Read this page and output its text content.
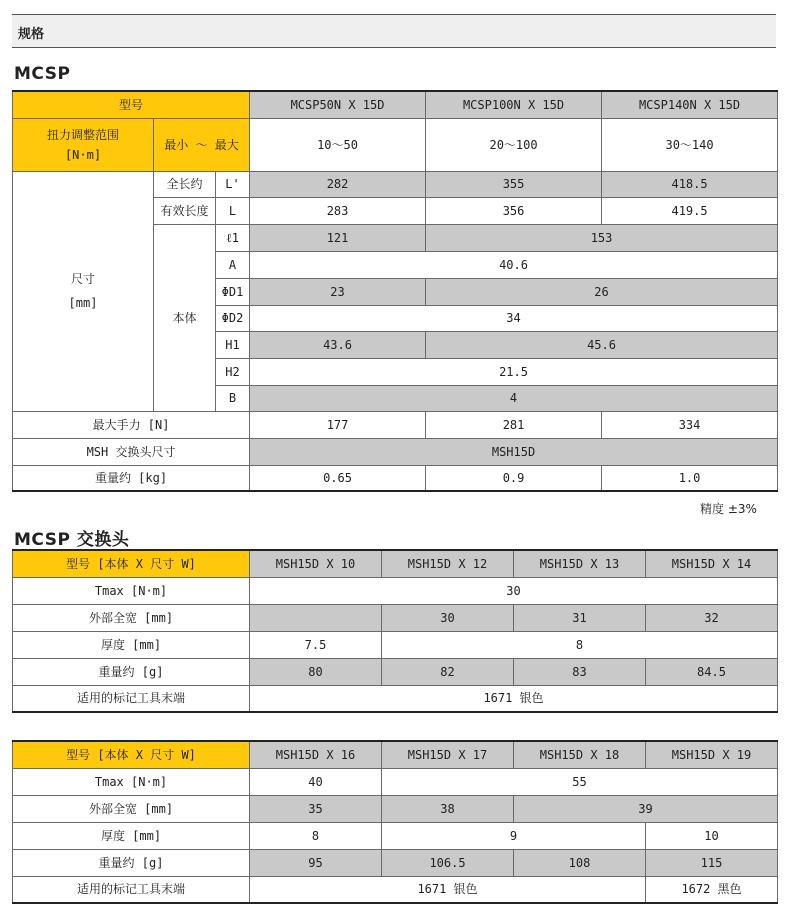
规格
MCSP
型号			MCSP50N X 15D	MCSP100N X 15D	MCSP140N X 15D

扭力调整范围
[N·m]	最小 ～ 最大		10～50	20～100	30～140

尺寸
[mm]	全长约	L'	282	355	418.5
	有效长度	L	283	356	419.5
	本体	ℓ1	121	153	
		A	40.6		
		ΦD1	23	26	
		ΦD2	34		
		H1	43.6	45.6	
		H2	21.5		
		B	4		
最大手力 [N]			177	281	334
MSH 交换头尺寸			MSH15D		
重量约 [kg]			0.65	0.9	1.0
精度 ±3%
MCSP 交换头
型号 [本体 X 尺寸 W]	MSH15D X 10	MSH15D X 12	MSH15D X 13	MSH15D X 14
Tmax [N·m]	30			
外部全宽 [mm]		30	31	32
厚度 [mm]	7.5	8		
重量约 [g]	80	82	83	84.5
适用的标记工具末端	1671 银色			
型号 [本体 X 尺寸 W]	MSH15D X 16	MSH15D X 17	MSH15D X 18	MSH15D X 19
Tmax [N·m]	40	55		
外部全宽 [mm]	35	38	39	
厚度 [mm]	8	9		10
重量约 [g]	95	106.5	108	115
适用的标记工具末端	1671 银色			1672 黑色
